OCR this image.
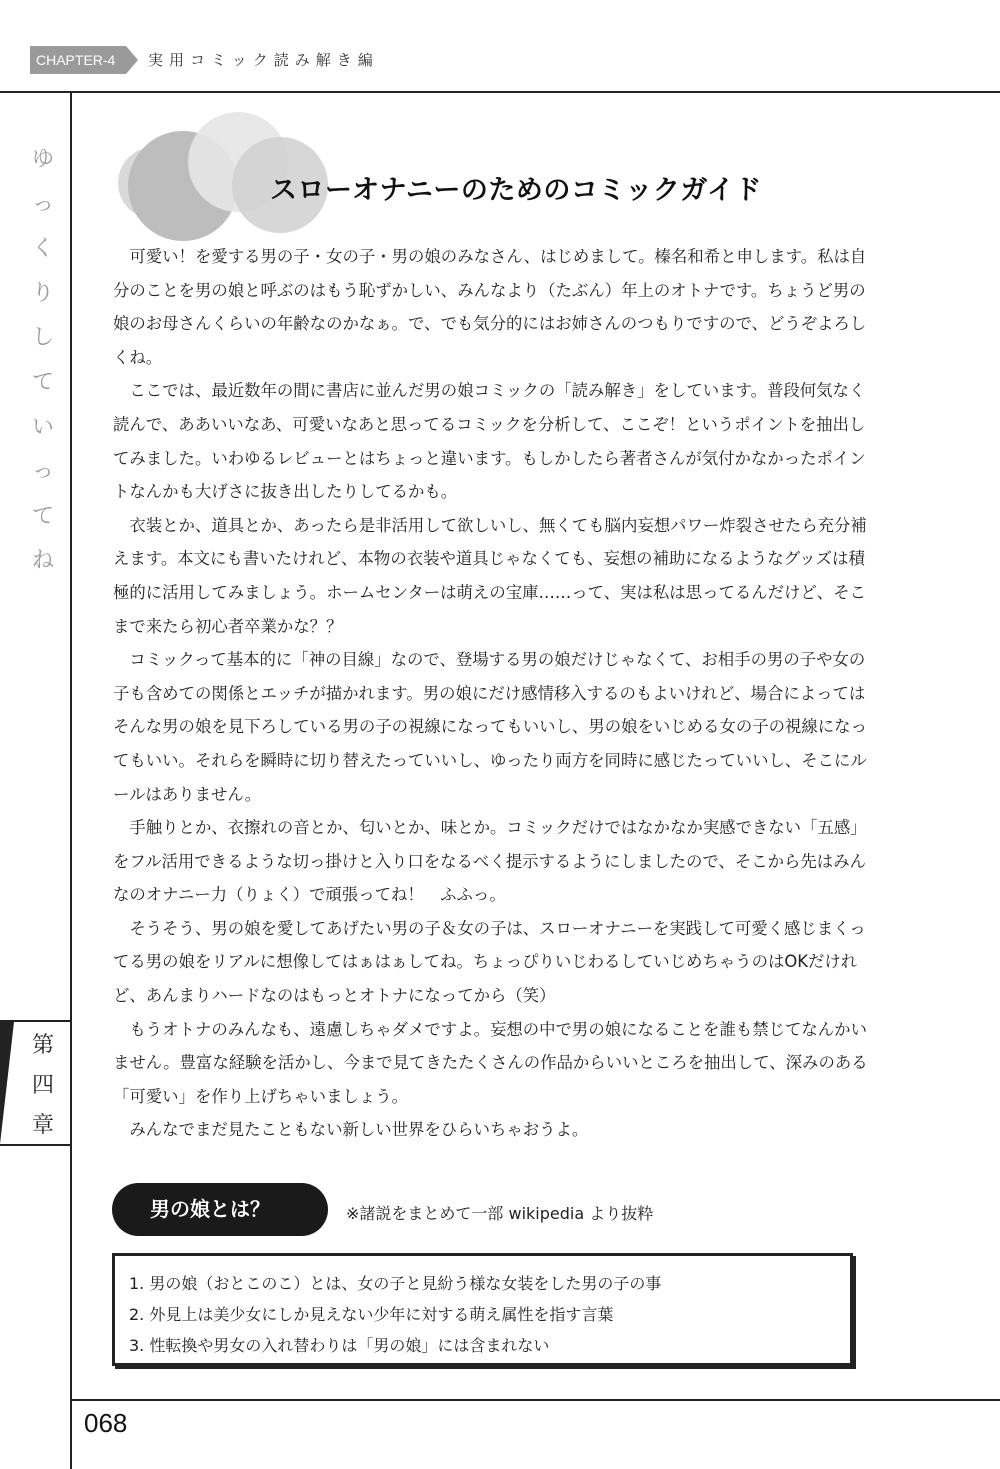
CHAPTER-4	実用コミック読み解き編
ゆ
っ
く
り
し
て
い
っ
て
ね
第
四
章
スローオナニーのためのコミックガイド

可愛い！を愛する男の子・女の子・男の娘のみなさん、はじめまして。榛名和希と申します。私は自分のことを男の娘と呼ぶのはもう恥ずかしい、みんなより（たぶん）年上のオトナです。ちょうど男の娘のお母さんくらいの年齢なのかなぁ。で、でも気分的にはお姉さんのつもりですので、どうぞよろしくね。

ここでは、最近数年の間に書店に並んだ男の娘コミックの「読み解き」をしています。普段何気なく読んで、ああいいなあ、可愛いなあと思ってるコミックを分析して、ここぞ！というポイントを抽出してみました。いわゆるレビューとはちょっと違います。もしかしたら著者さんが気付かなかったポイントなんかも大げさに抜き出したりしてるかも。

衣装とか、道具とか、あったら是非活用して欲しいし、無くても脳内妄想パワー炸裂させたら充分補えます。本文にも書いたけれど、本物の衣装や道具じゃなくても、妄想の補助になるようなグッズは積極的に活用してみましょう。ホームセンターは萌えの宝庫……って、実は私は思ってるんだけど、そこまで来たら初心者卒業かな？？

コミックって基本的に「神の目線」なので、登場する男の娘だけじゃなくて、お相手の男の子や女の子も含めての関係とエッチが描かれます。男の娘にだけ感情移入するのもよいけれど、場合によってはそんな男の娘を見下ろしている男の子の視線になってもいいし、男の娘をいじめる女の子の視線になってもいい。それらを瞬時に切り替えたっていいし、ゆったり両方を同時に感じたっていいし、そこにルールはありません。

手触りとか、衣擦れの音とか、匂いとか、味とか。コミックだけではなかなか実感できない「五感」をフル活用できるような切っ掛けと入り口をなるべく提示するようにしましたので、そこから先はみんなのオナニー力（りょく）で頑張ってね！　ふふっ。

そうそう、男の娘を愛してあげたい男の子＆女の子は、スローオナニーを実践して可愛く感じまくってる男の娘をリアルに想像してはぁはぁしてね。ちょっぴりいじわるしていじめちゃうのはOKだけれど、あんまりハードなのはもっとオトナになってから（笑）

もうオトナのみんなも、遠慮しちゃダメですよ。妄想の中で男の娘になることを誰も禁じてなんかいません。豊富な経験を活かし、今まで見てきたたくさんの作品からいいところを抽出して、深みのある「可愛い」を作り上げちゃいましょう。

みんなでまだ見たこともない新しい世界をひらいちゃおうよ。

男の娘とは？	※諸説をまとめて一部 wikipedia より抜粋
1. 男の娘（おとこのこ）とは、女の子と見紛う様な女装をした男の子の事
2. 外見上は美少女にしか見えない少年に対する萌え属性を指す言葉
3. 性転換や男女の入れ替わりは「男の娘」には含まれない
068
